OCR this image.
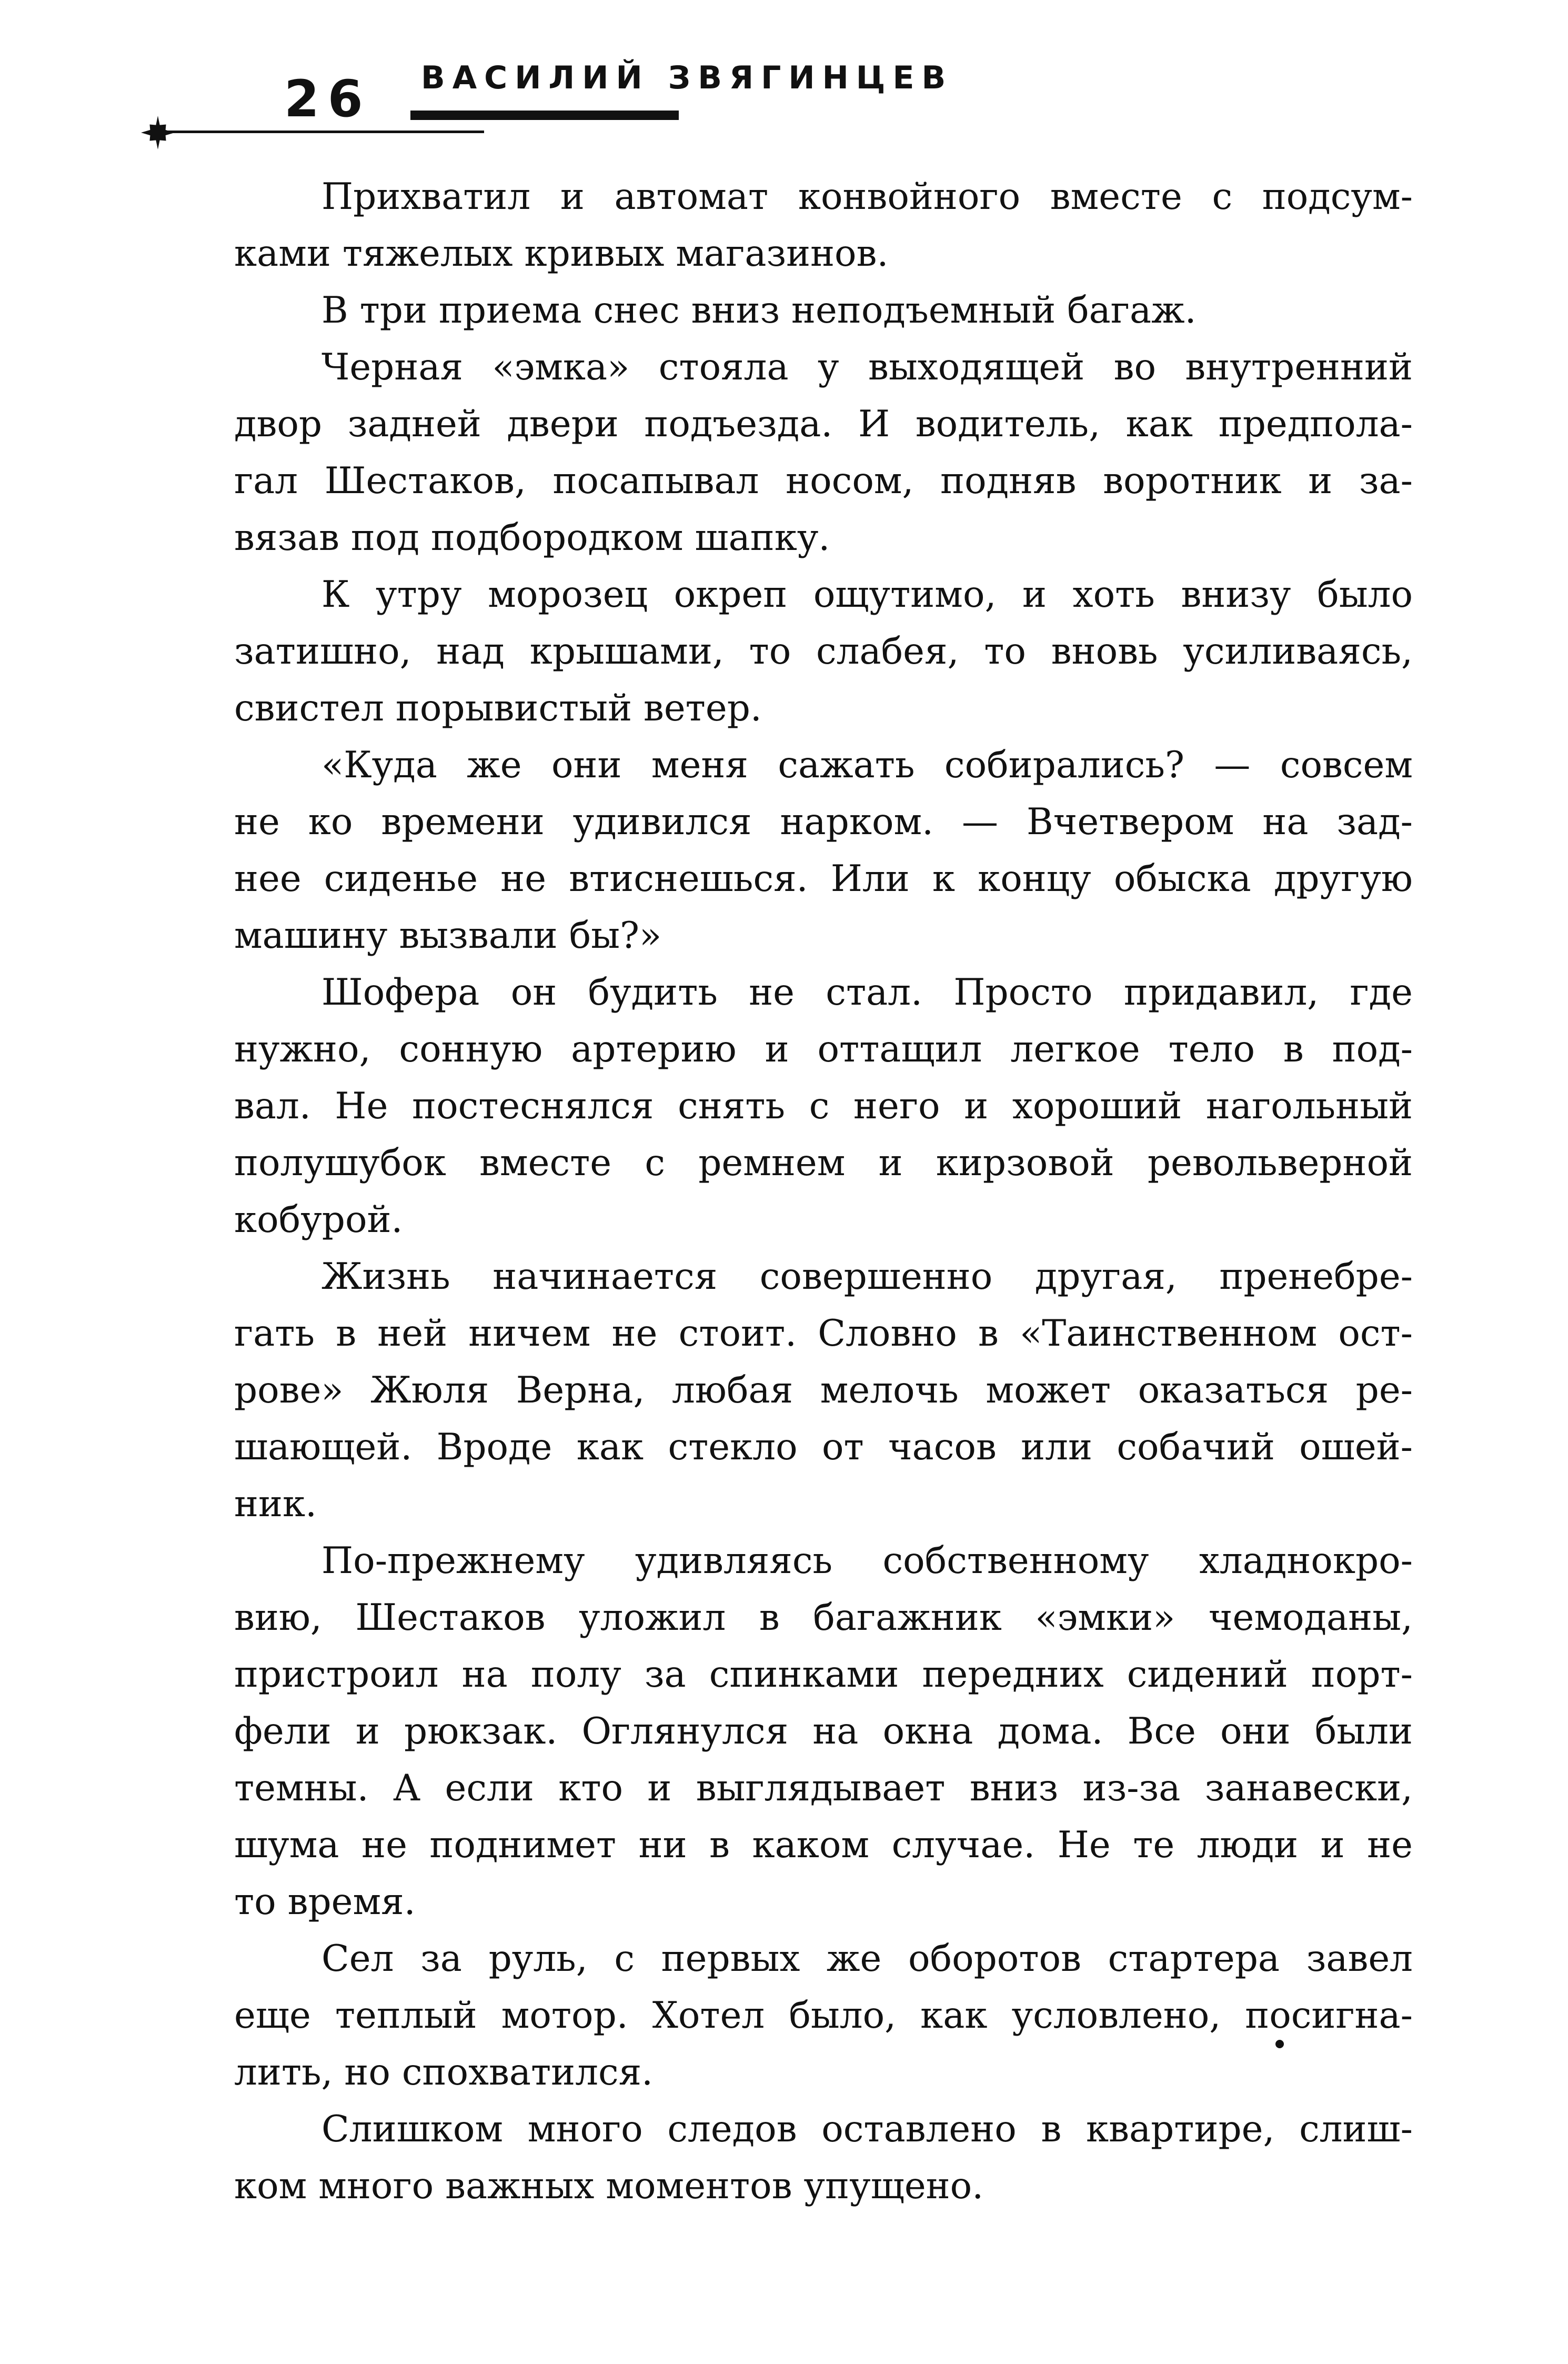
26 ВАСИЛИЙ ЗВЯГИНЦЕВ
Прихватил и автомат конвойного вместе с подсум-
ками тяжелых кривых магазинов.
В три приема снес вниз неподъемный багаж.
Черная «эмка» стояла у выходящей во внутренний
двор задней двери подъезда. И водитель, как предпола-
гал Шестаков, посапывал носом, подняв воротник и за-
вязав под подбородком шапку.
К утру морозец окреп ощутимо, и хоть внизу было
затишно, над крышами, то слабея, то вновь усиливаясь,
свистел порывистый ветер.
«Куда же они меня сажать собирались? — совсем
не ко времени удивился нарком. — Вчетвером на зад-
нее сиденье не втиснешься. Или к концу обыска другую
машину вызвали бы?»
Шофера он будить не стал. Просто придавил, где
нужно, сонную артерию и оттащил легкое тело в под-
вал. Не постеснялся снять с него и хороший нагольный
полушубок вместе с ремнем и кирзовой револьверной
кобурой.
Жизнь начинается совершенно другая, пренебре-
гать в ней ничем не стоит. Словно в «Таинственном ост-
рове» Жюля Верна, любая мелочь может оказаться ре-
шающей. Вроде как стекло от часов или собачий ошей-
ник.
По-прежнему удивляясь собственному хладнокро-
вию, Шестаков уложил в багажник «эмки» чемоданы,
пристроил на полу за спинками передних сидений порт-
фели и рюкзак. Оглянулся на окна дома. Все они были
темны. А если кто и выглядывает вниз из-за занавески,
шума не поднимет ни в каком случае. Не те люди и не
то время.
Сел за руль, с первых же оборотов стартера завел
еще теплый мотор. Хотел было, как условлено, посигна-
лить, но спохватился.
Слишком много следов оставлено в квартире, слиш-
ком много важных моментов упущено.
